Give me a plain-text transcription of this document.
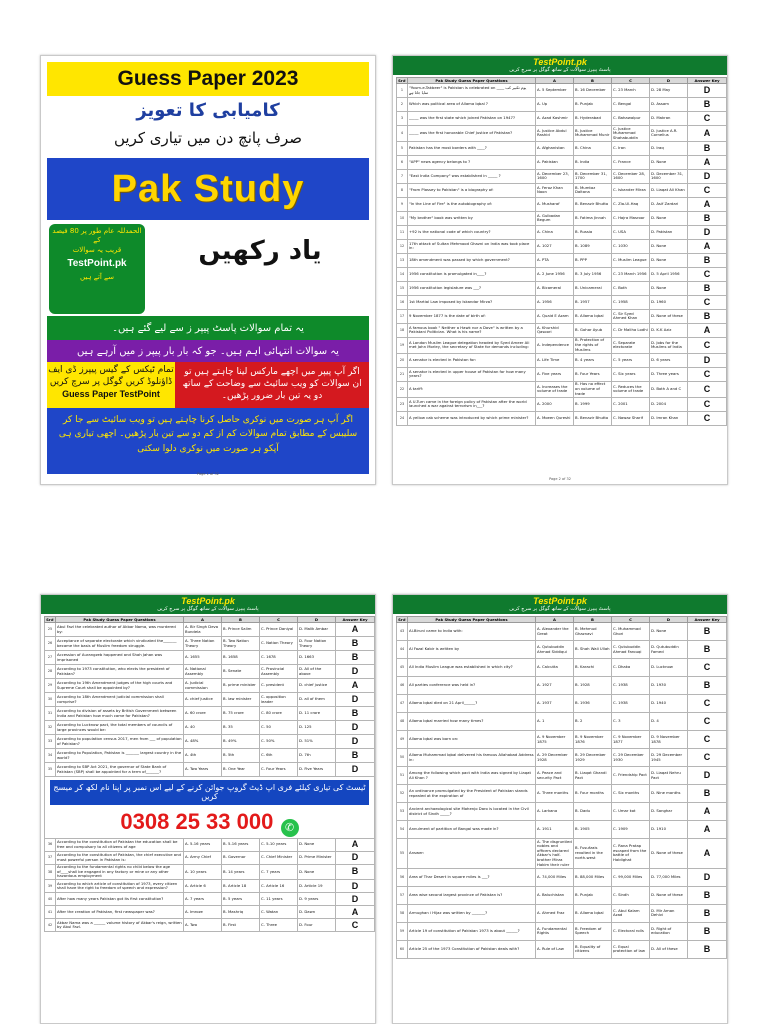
Guess Paper 2023
کامیابی کا تعویز
صرف پانچ دن میں تیاری کریں
Pak Study
الحمدللہ عام طور پر 80 فیصد کے
قریب یہ سوالات
TestPoint.pk
سے آتے ہیں
یاد رکھیں
یہ تمام سوالات پاسٹ پیپر ز سے لیے گئے ہیں۔
یہ سوالات انتہائی اہم ہیں۔ جو کہ بار بار پیپر ز میں آرہے ہیں
تمام ٹیکس کے گیس پیپرز ڈی ایف ڈاؤنلوڈ کریں گوگل پر سرچ کریں
Guess Paper TestPoint
اگر آپ پیپر میں اچھے مارکس لینا چاہتے ہیں تو ان سوالات کو ویب سائیٹ سے وضاحت کے ساتھ دو یہ تین بار ضرور پڑھیں۔
اگر آپ ہر صورت میں نوکری حاصل کرنا چاہتے ہیں تو ویب سائیٹ سے جا کر سلیبس کے مطابق تمام سوالات کم از کم دو سے تین بار پڑھیں۔ اچھی تیاری ہی آپکو ہر صورت میں نوکری دلوا سکتی
Page 1 of 32
TestPoint.pk
پاسٹ پیپرز سوالات کے ساتھ گوگل پر سرچ کریں
Sr#	Pak Study Guess Paper Questions	A	B	C	D	Answer Key
1	"Youm-e-Takbeer" is Pakistan is celebrated on ____ یوم تکبیر کب منایا جاتا ہے	A. 5 September	B. 16 December	C. 23 March	D. 28 May	D
2	Which was political area of Allama Iqbal ?	A. Up	B. Punjab	C. Bengal	D. Assam	B
3	_____ was the first state which joined Pakistan on 1947?	A. Azad Kashmir	B. Hyderabad	C. Bahawalpur	D. Makran	C
4	_____ was the first honorable Chief Justice of Pakistan?	A. Justice Abdul Rashid	B. Justice Muhammad Munir	C. Justice Muhammad Shahabuddin	D. Justice A.R. Cornelius	A
5	Pakistan has the most borders with ____?	A. Afghanistan	B. China	C. Iran	D. Iraq	B
6	"APP" news agency belongs to ?	A. Pakistan	B. India	C. France	D. None	A
7	"East India Company" was established in _____ ?	A. December 23, 1600	B. December 31, 1700	C. December 28, 1600	D. December 31, 1600	D
8	"From Plassey to Pakistan" is a biography of:	A. Feroz Khan Noon	B. Mumtaz Daltana	C. Iskander Mirza	D. Liaqat Ali Khan	C
9	"In the Line of Fire" is the autobiography of:	A. Musharaf	B. Benazir Bhutto	C. Zia-Ul-Haq	D. Asif Zardari	A
10	"My brother" book was written by	A. Gulbadan Begum	B. Fatima Jinnah	C. Hajra Masroor	D. None	B
11	+92 is the national code of which country?	A. China	B. Russia	C. USA	D. Pakistan	D
12	17th attack of Sultan Mehmood Ghazni on India was took place in:	A. 1027	B. 1089	C. 1030	D. None	A
13	18th amendment was passed by which government?	A. PTA	B. PPP	C. Muslim League	D. None	B
14	1956 constitution is promulgated in____?	A. 2 June 1956	B. 3 July 1956	C. 23 March 1956	D. 5 April 1956	C
15	1956 constitution legislature was ___?	A. Bicameral	B. Unicameral	C. Both	D. None	B
16	1st Martial Law imposed by Iskandar Mirza?	A. 1956	B. 1957	C. 1958	D. 1960	C
17	9 November 1877 is the date of birth of:	A. Quaid E Azam	B. Allama Iqbal	C. Sir Syed Ahmed Khan	D. None of these	B
18	A famous book " Neither a Hawk nor a Dove" is written by a Pakistani Politician. What is his name?	A. Khurshid Qasoori	B. Gohar Ayub	C. Dr Maliha Lodhi	D. K.K Aziz	A
19	A London Muslim League delegation headed by Syed Ameer Ali met John Morley, the secretary of State for demands including:	A. Independence	B. Protection of the rights of Muslims	C. Separate electorate	D. Jobs for the Muslims of India	C
20	A senator is elected in Pakistan for:	A. Life Time	B. 4 years	C. 5 years	D. 6 years	D
21	A senator is elected in upper house of Pakistan for how many years?	A. Five years	B. Four Years	C. Six years	D. Three years	C
22	A tariff:	A. Increases the volume of trade	B. Has no effect on volume of trade	C. Reduces the volume of trade	D. Both A and C	C
23	A U-Turn came in the foreign policy of Pakistan after the world launched a war against terrorism in___?	A. 2000	B. 1999	C. 2001	D. 2004	C
24	A yellow cab scheme was introduced by which prime minister?	A. Moeen Qureshi	B. Benazir Bhutto	C. Nawaz Sharif	D. Imran Khan	C
Page 2 of 32
TestPoint.pk
پاسٹ پیپرز سوالات کے ساتھ گوگل پر سرچ کریں
Sr#	Pak Study Guess Paper Questions	A	B	C	D	Answer Key
25	Abul Fazl the celebrated author of Akbar Nama, was murdered by:	A. Bir Singh Deva Bundela	B. Prince Salim	C. Prince Daniyal	D. Malik Ambar	A
26	Acceptance of separate electorate which vindicated the_______ became the basis of Muslim freedom struggle.	A. Three Nation Theory	B. Two Nation Theory	C. Nation Theory	D. Four Nation Theory	B
27	Accession of Aurangzeb happened and Shah Jahan was imprisoned	A. 1655	B. 1658	C. 1678	D. 1663	B
28	According to 1973 constitution, who elects the president of Pakistan?	A. National Assembly	B. Senate	C. Provincial Assembly	D. All of the above	D
29	According to 19th Amendment judges of the high courts and Supreme Court shall be appointed by?	A. Judicial commission	B. prime minister	C. president	D. chief justice	A
30	According to 18th Amendment judicial commission shall comprise?	A. chief justice	B. law minister	C. opposition leader	D. all of them	D
31	According to division of assets by British Government between India and Pakistan how much came for Pakistan?	A. 60 crore	B. 75 crore	C. 80 crore	D. 11 crore	B
32	According to Lucknow pact, the total members of councils of large provinces would be:	A. 40	B. 35	C. 50	D. 125	D
33	According to population census 2017, men from ___ of population of Pakistan?	A. 48%	B. 49%	C. 50%	D. 51%	D
34	According to Population, Pakistan is _______ largest country in the world?	A. 4th	B. 5th	C. 6th	D. 7th	B
35	According to SBP Act 2021, the governor of State Bank of Pakistan (SBP) shall be appointed for a term of_______?	A. Two Years	B. One Year	C. Four Years	D. Five Years	D

ٹیسٹ کی تیاری کیلئے فری اپ ڈیٹ گروپ جوائن کرنے کے لیے اس نمبر پر اپنا نام لکھ کر میسج کریں
0308 25 33 000 ✆						
36	According to the constitution of Pakistan the education shall be free and compulsory to all citizens of age	A. 5-16 years	B. 5-16 years	C. 5-10 years	D. None	A
37	According to the constitution of Pakistan, the chief executive and most powerful person in Pakistan is:	A. Army Chief	B. Governor	C. Chief Minister	D. Prime Minister	D
38	According to the fundamental rights no child below the age of____shall be engaged in any factory or mine or any other hazardous employment	A. 10 years	B. 14 years	C. 7 years	D. None	B
39	According to which article of constitution of 1973, every citizen shall have the right to freedom of speech and expression?	A. Article 6	B. Article 18	C. Article 16	D. Article 19	D
40	After how many years Pakistan got its first constitution?	A. 7 years	B. 5 years	C. 11 years	D. 9 years	D
41	After the creation of Pakistan, first newspaper was?	A. Imroze	B. Mashriq	C. Watan	D. Dawn	A
42	Akbar Nama was a ______ volume history of Akbar's reign, written by Abul Fazl.	A. Two	B. First	C. Three	D. Four	C
TestPoint.pk
پاسٹ پیپرز سوالات کے ساتھ گوگل پر سرچ کریں
Sr#	Pak Study Guess Paper Questions	A	B	C	D	Answer Key
43	Al-Biruni came to India with:	A. Alexander the Great	B. Mehmud Ghaznavi	C. Muhammad Ghori	D. None	B
44	Al Fazal Kabir is written by	A. Qutubuddin Ahmad Siddiqui	B. Shah Wali Ullah	C. Qutubuddin Ahmad Farouqi	D. Qutubuddin Famed	B
45	All India Muslim League was established in which city?	A. Calcutta	B. Karachi	C. Dhaka	D. Lucknow	C
46	All parties conference was held in?	A. 1927	B. 1928	C. 1938	D. 1930	B
47	Allama Iqbal died on 21 April______?	A. 1937	B. 1936	C. 1938	D. 1940	C
48	Allama Iqbal married how many times?	A. 1	B. 2	C. 3	D. 4	C
49	Allama Iqbal was born on:	A. 9 November 1875	B. 9 November 1876	C. 9 November 1877	D. 9 November 1878	C
50	Allama Muhammad Iqbal delivered his famous Allahabad Address in:	A. 29 December 1928	B. 29 December 1929	C. 29 December 1930	D. 29 December 1945	C
51	Among the following which pact with India was signed by Liaqat Ali Khan ?	A. Peace and security Pact	B. Liaqat Ghandi Pact	C. Friendship Pact	D. Liaqat Nehru Pact	D
52	An ordinance promulgated by the President of Pakistan stands repealed at the expiration of	A. Three months	B. Four months	C. Six months	D. Nine months	B
53	Ancient archaeological site Mohenjo Daro is located in the Civil district of Sindh _____?	A. Larkana	B. Dadu	C. Umar kot	D. Sanghar	A
54	Annulment of partition of Bangal was made in?	A. 1911	B. 1905	C. 1909	D. 1910	A
55	Answer:	A. The disgruntled nobles and officers declared Akbar's half-brother Mirza Hakim their ruler	B. Fusufzais revolted in the north-west	C. Rana Pratap escaped from the battle of Haldighat	D. None of these	A
56	Area of Thar Desert in square miles is ___?	A. 74,000 Miles	B. 88,000 Miles	C. 99,000 Miles	D. 77,000 Miles	D
57	Area wise second largest province of Pakistan is?	A. Baluchistan	B. Punjab	C. Sindh	D. None of these	B
58	Armughan i Hijaz was written by _______?	A. Ahmed Fraz	B. Allama Iqbal	C. Abul Kalam Azad	D. Mir Aman Dehlvi	B
59	Article 19 of constitution of Pakistan 1973 is about ______?	A. Fundamental Rights	B. Freedom of Speech	C. Electoral rolls	D. Right of education	B
60	Article 25 of the 1973 Constitution of Pakistan deals with?	A. Rule of Law	B. Equality of citizens	C. Equal protection of law	D. All of these	B
